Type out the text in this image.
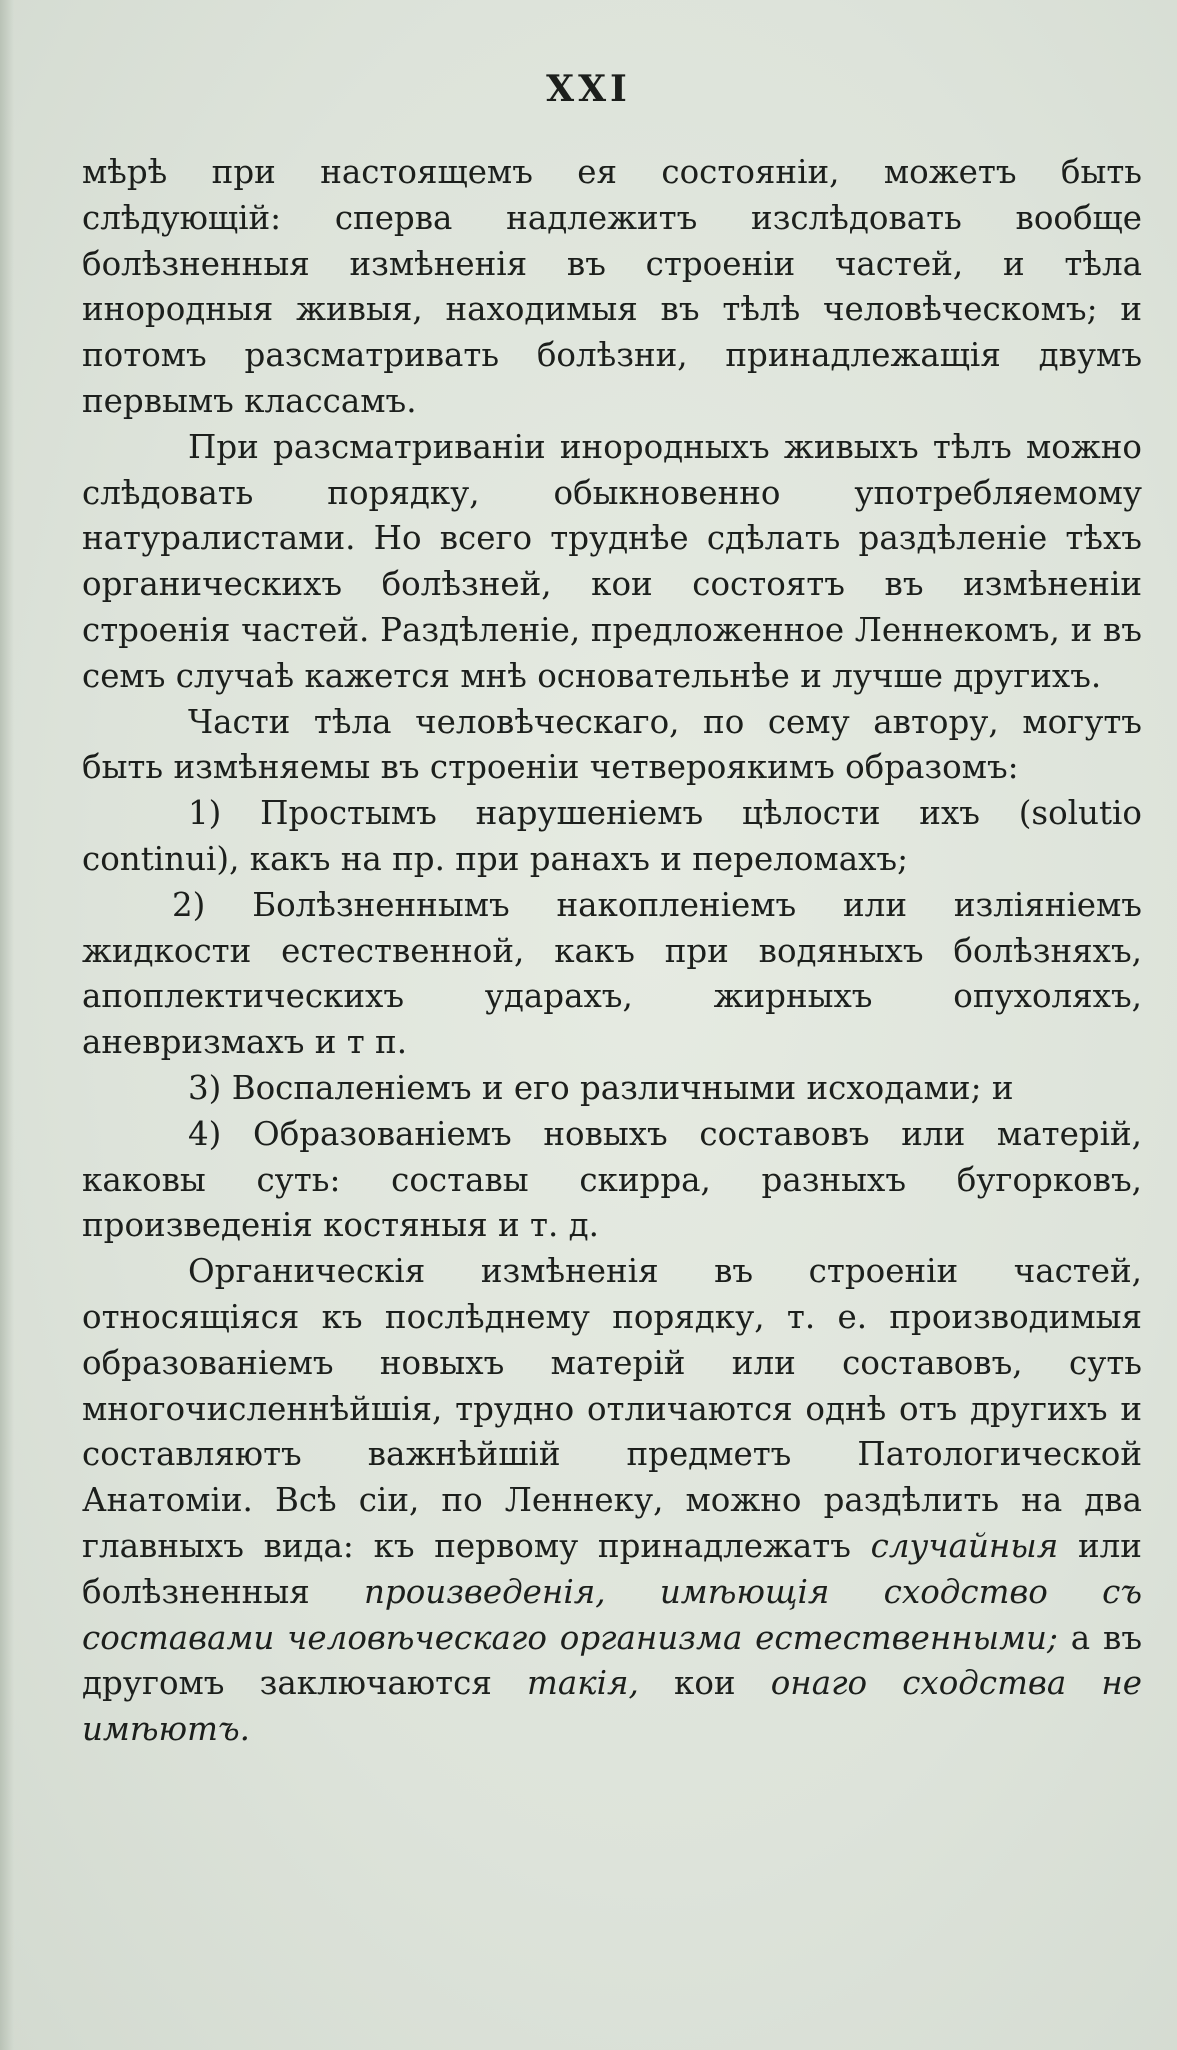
XXI

мѣрѣ при настоящемъ ея состоянiи, можетъ быть слѣдующiй: сперва надлежитъ изслѣдовать вообще болѣзненныя измѣненiя въ строенiи частей, и тѣла инородныя живыя, находимыя въ тѣлѣ человѣческомъ; и потомъ разсматривать болѣзни, принадлежащiя двумъ первымъ классамъ.

При разсматриванiи инородныхъ живыхъ тѣлъ можно слѣдовать порядку, обыкновенно употребляемому натуралистами. Но всего труднѣе сдѣлать раздѣленiе тѣхъ органическихъ болѣзней, кои состоятъ въ измѣненiи строенiя частей. Раздѣленiе, предложенное Леннекомъ, и въ семъ случаѣ кажется мнѣ основательнѣе и лучше другихъ.

Части тѣла человѣческаго, по сему автору, могутъ быть измѣняемы въ строенiи четвероякимъ образомъ:

1) Простымъ нарушенiемъ цѣлости ихъ (solutio continui), какъ на пр. при ранахъ и переломахъ;

2) Болѣзненнымъ накопленiемъ или излiянiемъ жидкости естественной, какъ при водяныхъ болѣзняхъ, апоплектическихъ ударахъ, жирныхъ опухоляхъ, аневризмахъ и т п.

3) Воспаленiемъ и его различными исходами; и

4) Образованiемъ новыхъ составовъ или матерiй, каковы суть: составы скирра, разныхъ бугорковъ, произведенiя костяныя и т. д.

Органическiя измѣненiя въ строенiи частей, относящiяся къ послѣднему порядку, т. е. производимыя образованiемъ новыхъ матерiй или составовъ, суть многочисленнѣйшiя, трудно отличаются однѣ отъ другихъ и составляютъ важнѣйшiй предметъ Патологической Анатомiи. Всѣ сiи, по Леннеку, можно раздѣлить на два главныхъ вида: къ первому принадлежатъ случайныя или болѣзненныя произведенiя, имѣющiя сходство съ составами человѣческаго организма естественными; а въ другомъ заключаются такiя, кои онаго сходства не имѣютъ.
